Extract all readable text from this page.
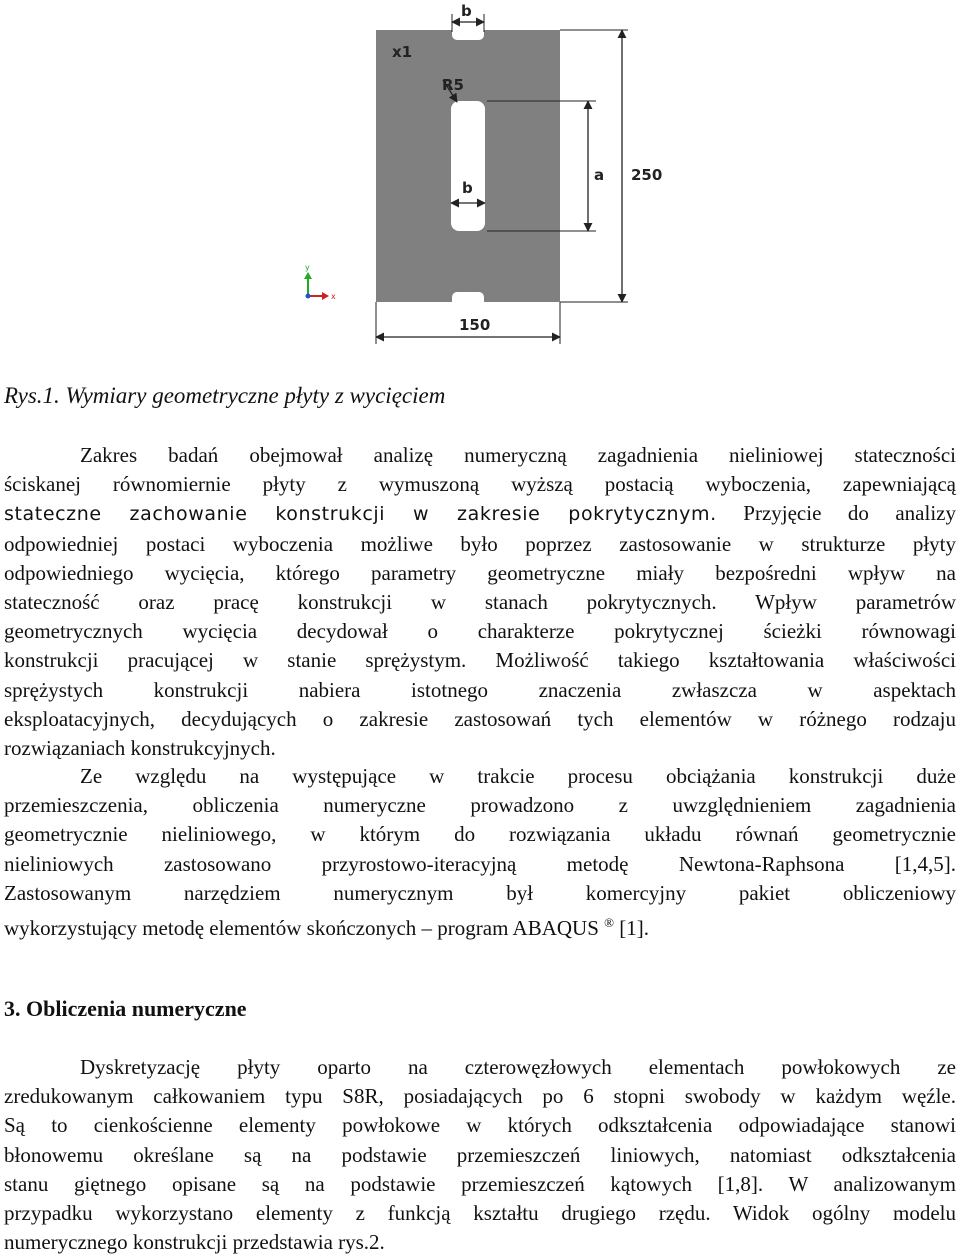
b
x1
R5
b
a 250
150
y
x
Rys.1. Wymiary geometryczne płyty z wycięciem
Zakres badań obejmował analizę numeryczną zagadnienia nieliniowej stateczności
ściskanej równomiernie płyty z wymuszoną wyższą postacią wyboczenia, zapewniającą
stateczne zachowanie konstrukcji w zakresie pokrytycznym. Przyjęcie do analizy
odpowiedniej postaci wyboczenia możliwe było poprzez zastosowanie w strukturze płyty
odpowiedniego wycięcia, którego parametry geometryczne miały bezpośredni wpływ na
stateczność oraz pracę konstrukcji w stanach pokrytycznych. Wpływ parametrów
geometrycznych wycięcia decydował o charakterze pokrytycznej ścieżki równowagi
konstrukcji pracującej w stanie sprężystym. Możliwość takiego kształtowania właściwości
sprężystych konstrukcji nabiera istotnego znaczenia zwłaszcza w aspektach
eksploatacyjnych, decydujących o zakresie zastosowań tych elementów w różnego rodzaju
rozwiązaniach konstrukcyjnych.
Ze względu na występujące w trakcie procesu obciążania konstrukcji duże
przemieszczenia, obliczenia numeryczne prowadzono z uwzględnieniem zagadnienia
geometrycznie nieliniowego, w którym do rozwiązania układu równań geometrycznie
nieliniowych zastosowano przyrostowo-iteracyjną metodę Newtona-Raphsona [1,4,5].
Zastosowanym narzędziem numerycznym był komercyjny pakiet obliczeniowy
wykorzystujący metodę elementów skończonych – program ABAQUS ® [1].
3. Obliczenia numeryczne
Dyskretyzację płyty oparto na czterowęzłowych elementach powłokowych ze
zredukowanym całkowaniem typu S8R, posiadających po 6 stopni swobody w każdym węźle.
Są to cienkościenne elementy powłokowe w których odkształcenia odpowiadające stanowi
błonowemu określane są na podstawie przemieszczeń liniowych, natomiast odkształcenia
stanu giętnego opisane są na podstawie przemieszczeń kątowych [1,8]. W analizowanym
przypadku wykorzystano elementy z funkcją kształtu drugiego rzędu. Widok ogólny modelu
numerycznego konstrukcji przedstawia rys.2.
